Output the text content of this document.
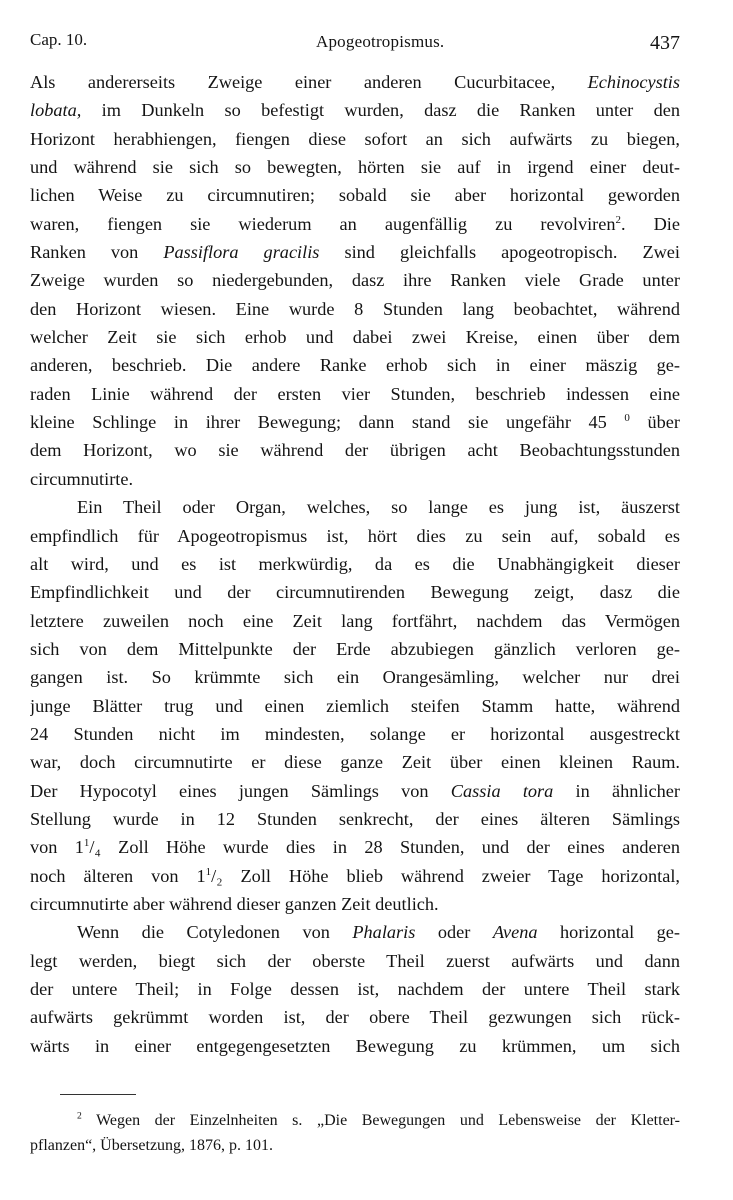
Cap. 10.	Apogeotropismus.	437
Als andererseits Zweige einer anderen Cucurbitacee, Echinocystis
lobata, im Dunkeln so befestigt wurden, dasz die Ranken unter den
Horizont herabhiengen, fiengen diese sofort an sich aufwärts zu biegen,
und während sie sich so bewegten, hörten sie auf in irgend einer deut-
lichen Weise zu circumnutiren; sobald sie aber horizontal geworden
waren, fiengen sie wiederum an augenfällig zu revolviren$^2$. Die
Ranken von Passiflora gracilis sind gleichfalls apogeotropisch. Zwei
Zweige wurden so niedergebunden, dasz ihre Ranken viele Grade unter
den Horizont wiesen. Eine wurde 8 Stunden lang beobachtet, während
welcher Zeit sie sich erhob und dabei zwei Kreise, einen über dem
anderen, beschrieb. Die andere Ranke erhob sich in einer mäszig ge-
raden Linie während der ersten vier Stunden, beschrieb indessen eine
kleine Schlinge in ihrer Bewegung; dann stand sie ungefähr 45 $^0$ über
dem Horizont, wo sie während der übrigen acht Beobachtungsstunden
circumnutirte.
Ein Theil oder Organ, welches, so lange es jung ist, äuszerst
empfindlich für Apogeotropismus ist, hört dies zu sein auf, sobald es
alt wird, und es ist merkwürdig, da es die Unabhängigkeit dieser
Empfindlichkeit und der circumnutirenden Bewegung zeigt, dasz die
letztere zuweilen noch eine Zeit lang fortfährt, nachdem das Vermögen
sich von dem Mittelpunkte der Erde abzubiegen gänzlich verloren ge-
gangen ist. So krümmte sich ein Orangesämling, welcher nur drei
junge Blätter trug und einen ziemlich steifen Stamm hatte, während
24 Stunden nicht im mindesten, solange er horizontal ausgestreckt
war, doch circumnutirte er diese ganze Zeit über einen kleinen Raum.
Der Hypocotyl eines jungen Sämlings von Cassia tora in ähnlicher
Stellung wurde in 12 Stunden senkrecht, der eines älteren Sämlings
von $1^1/_4$ Zoll Höhe wurde dies in 28 Stunden, und der eines anderen
noch älteren von $1^1/_2$ Zoll Höhe blieb während zweier Tage horizontal,
circumnutirte aber während dieser ganzen Zeit deutlich.
Wenn die Cotyledonen von Phalaris oder Avena horizontal ge-
legt werden, biegt sich der oberste Theil zuerst aufwärts und dann
der untere Theil; in Folge dessen ist, nachdem der untere Theil stark
aufwärts gekrümmt worden ist, der obere Theil gezwungen sich rück-
wärts in einer entgegengesetzten Bewegung zu krümmen, um sich
$^2$ Wegen der Einzelnheiten s. „Die Bewegungen und Lebensweise der Kletter-
pflanzen“, Übersetzung, 1876, p. 101.
